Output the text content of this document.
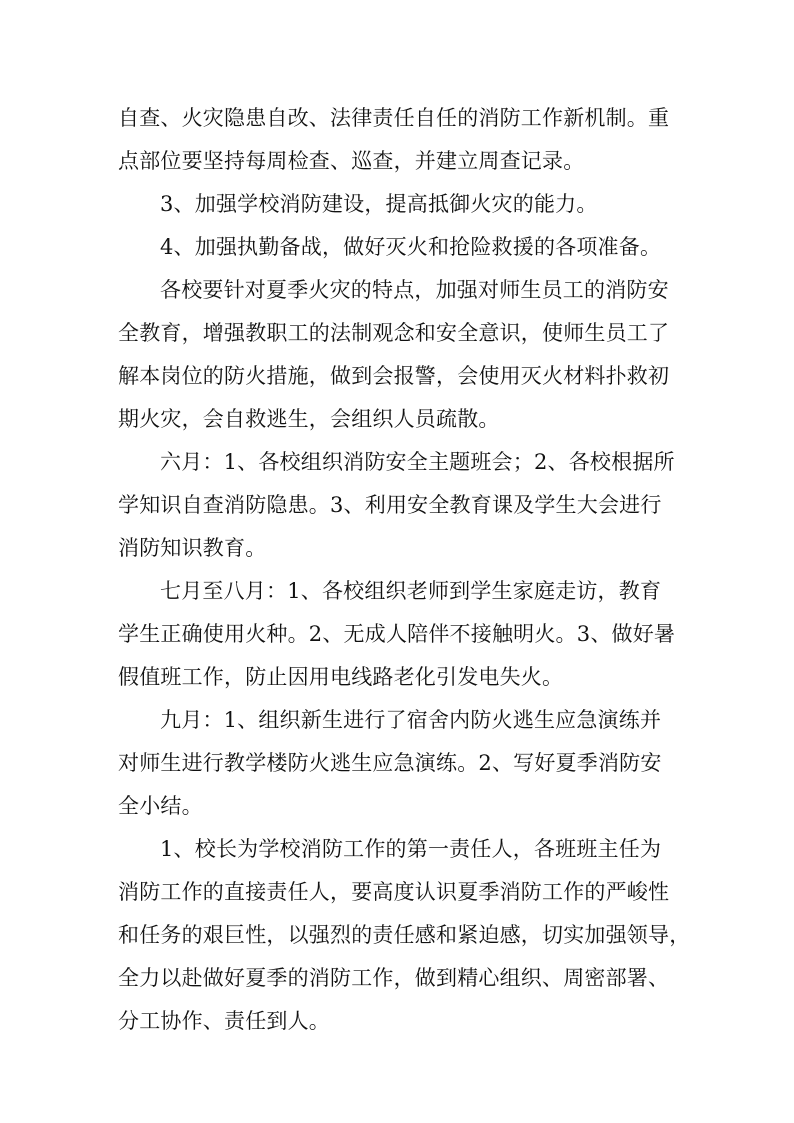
自查、火灾隐患自改、法律责任自任的消防工作新机制。重
点部位要坚持每周检查、巡查，并建立周查记录。
3、加强学校消防建设，提高抵御火灾的能力。
4、加强执勤备战，做好灭火和抢险救援的各项准备。
各校要针对夏季火灾的特点，加强对师生员工的消防安
全教育，增强教职工的法制观念和安全意识，使师生员工了
解本岗位的防火措施，做到会报警，会使用灭火材料扑救初
期火灾，会自救逃生，会组织人员疏散。
六月：1、各校组织消防安全主题班会；2、各校根据所
学知识自查消防隐患。3、利用安全教育课及学生大会进行
消防知识教育。
七月至八月：1、各校组织老师到学生家庭走访，教育
学生正确使用火种。2、无成人陪伴不接触明火。3、做好暑
假值班工作，防止因用电线路老化引发电失火。
九月：1、组织新生进行了宿舍内防火逃生应急演练并
对师生进行教学楼防火逃生应急演练。2、写好夏季消防安
全小结。
1、校长为学校消防工作的第一责任人，各班班主任为
消防工作的直接责任人，要高度认识夏季消防工作的严峻性
和任务的艰巨性，以强烈的责任感和紧迫感，切实加强领导，
全力以赴做好夏季的消防工作，做到精心组织、周密部署、
分工协作、责任到人。
